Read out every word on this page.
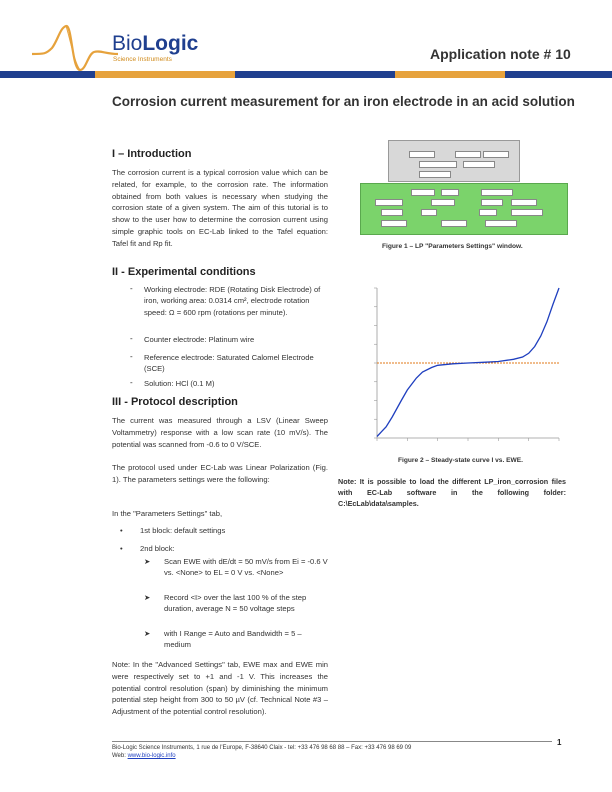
BioLogic
Science Instruments	Application note # 10
Corrosion current measurement for an iron electrode in an acid solution
I – Introduction
The corrosion current is a typical corrosion value which can be related, for example, to the corrosion rate. The information obtained from both values is necessary when studying the corrosion state of a given system. The aim of this tutorial is to show to the user how to determine the corrosion current using simple graphic tools on EC-Lab linked to the Tafel equation: Tafel fit and Rp fit.
II - Experimental conditions
- Working electrode: RDE (Rotating Disk Electrode) of iron, working area: 0.0314 cm², electrode rotation speed: Ω = 600 rpm (rotations per minute).
- Counter electrode: Platinum wire
- Reference electrode: Saturated Calomel Electrode (SCE)
- Solution: HCl (0.1 M)
III - Protocol description
The current was measured through a LSV (Linear Sweep Voltammetry) response with a low scan rate (10 mV/s). The potential was scanned from -0.6 to 0 V/SCE.
The protocol used under EC-Lab was Linear Polarization (Fig. 1). The parameters settings were the following:
In the "Parameters Settings" tab,
• 1st block: default settings
• 2nd block:
➤ Scan EWE with dE/dt = 50 mV/s from Ei = -0.6 V vs. <None> to EL = 0 V vs. <None>
➤ Record <I> over the last 100 % of the step duration, average N = 50 voltage steps
➤ with I Range = Auto and Bandwidth = 5 – medium
Note: In the "Advanced Settings" tab, EWE max and EWE min were respectively set to +1 and -1 V. This increases the potential control resolution (span) by diminishing the minimum potential step height from 300 to 50 µV (cf. Technical Note #3 – Adjustment of the potential control resolution).
Figure 1 – LP "Parameters Settings" window.
Figure 2 – Steady-state curve I vs. EWE.
Note: It is possible to load the different LP_iron_corrosion files with EC-Lab software in the following folder: C:\EcLab\data\samples.
Bio-Logic Science Instruments, 1 rue de l'Europe, F-38640 Claix - tel: +33 476 98 68 88 – Fax: +33 476 98 69 09
Web: www.bio-logic.info
1
